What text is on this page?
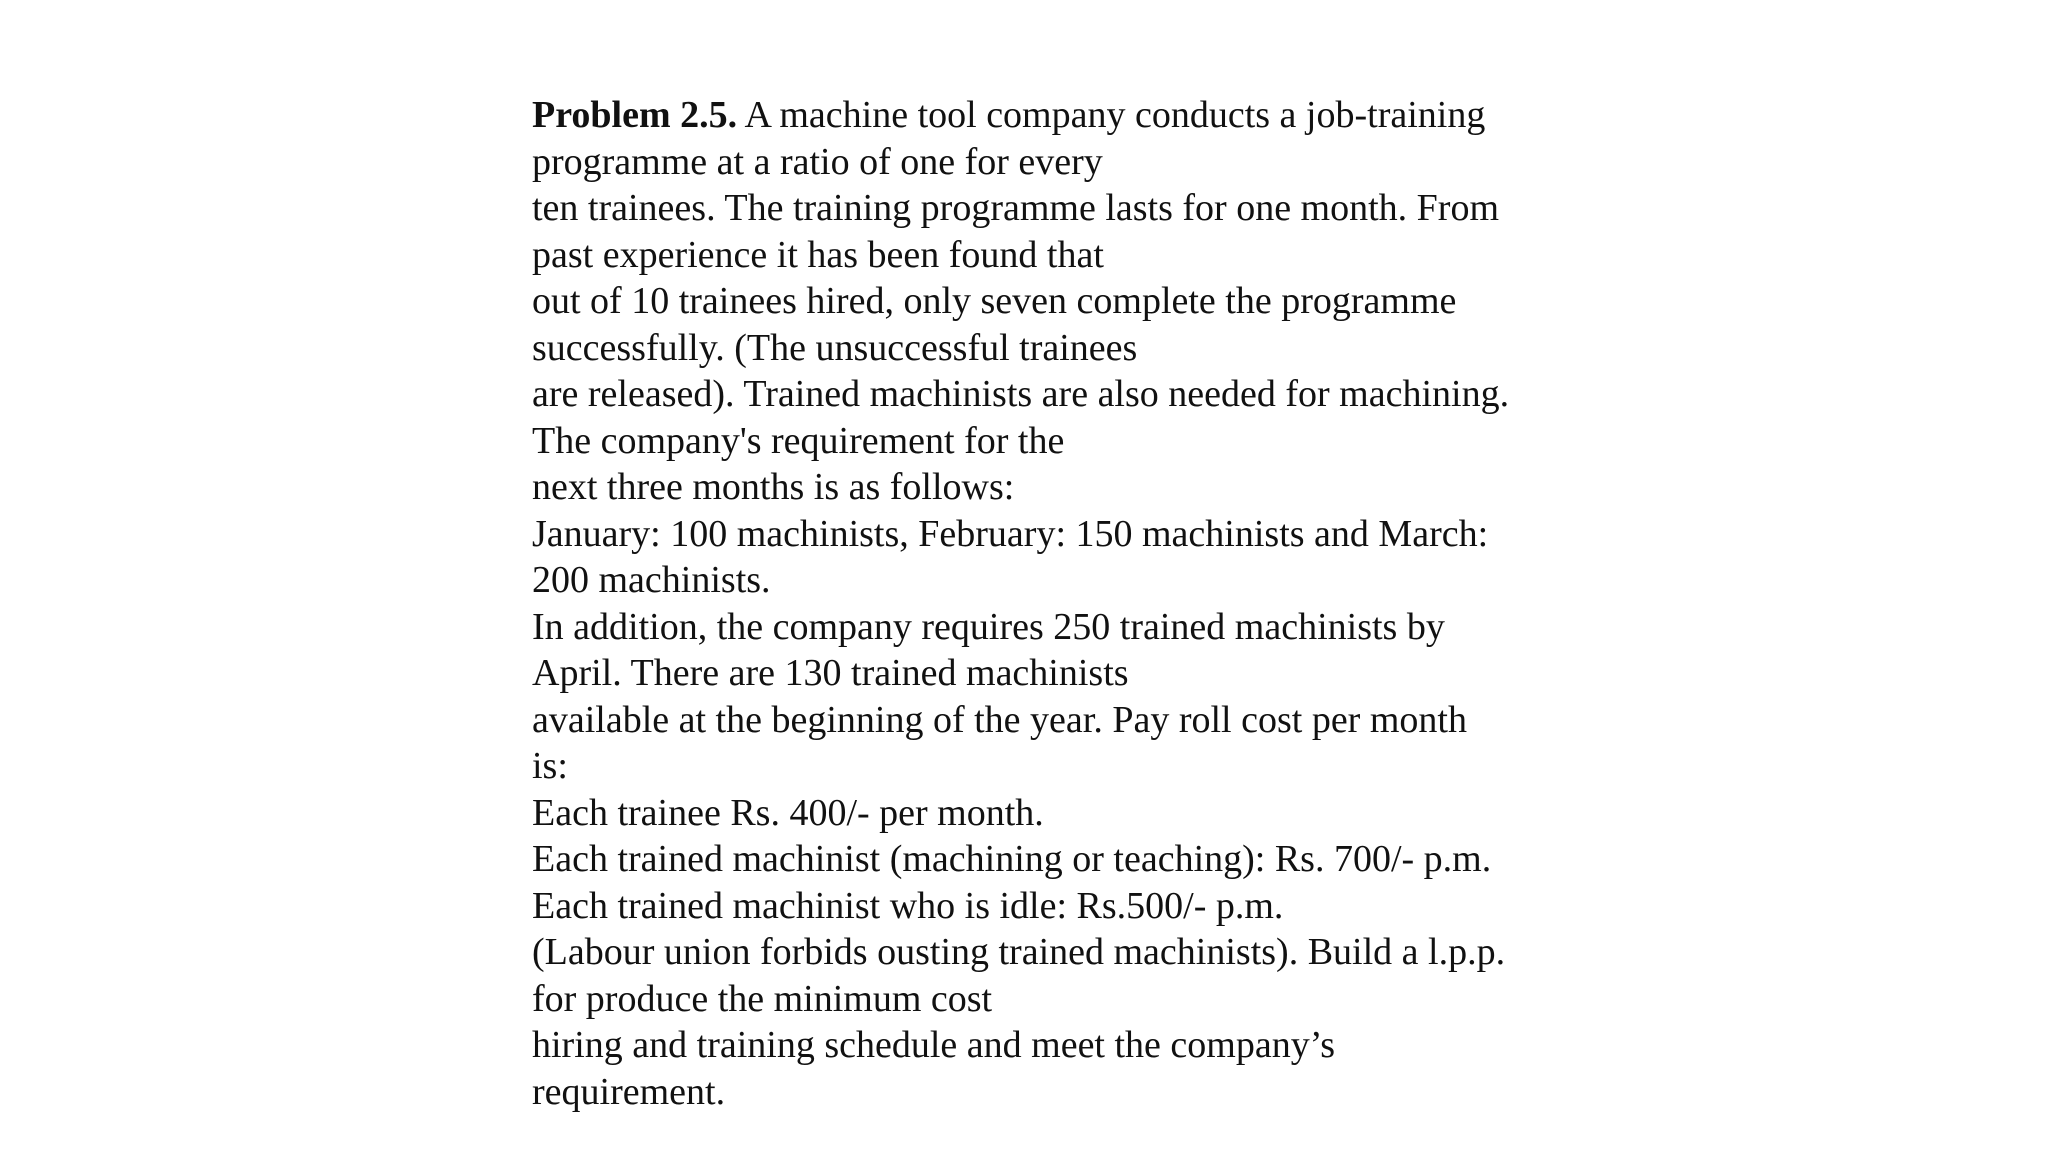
Problem 2.5. A machine tool company conducts a job-training
programme at a ratio of one for every
ten trainees. The training programme lasts for one month. From
past experience it has been found that
out of 10 trainees hired, only seven complete the programme
successfully. (The unsuccessful trainees
are released). Trained machinists are also needed for machining.
The company's requirement for the
next three months is as follows:
January: 100 machinists, February: 150 machinists and March:
200 machinists.
In addition, the company requires 250 trained machinists by
April. There are 130 trained machinists
available at the beginning of the year. Pay roll cost per month
is:
Each trainee Rs. 400/- per month.
Each trained machinist (machining or teaching): Rs. 700/- p.m.
Each trained machinist who is idle: Rs.500/- p.m.
(Labour union forbids ousting trained machinists). Build a l.p.p.
for produce the minimum cost
hiring and training schedule and meet the company’s
requirement.
